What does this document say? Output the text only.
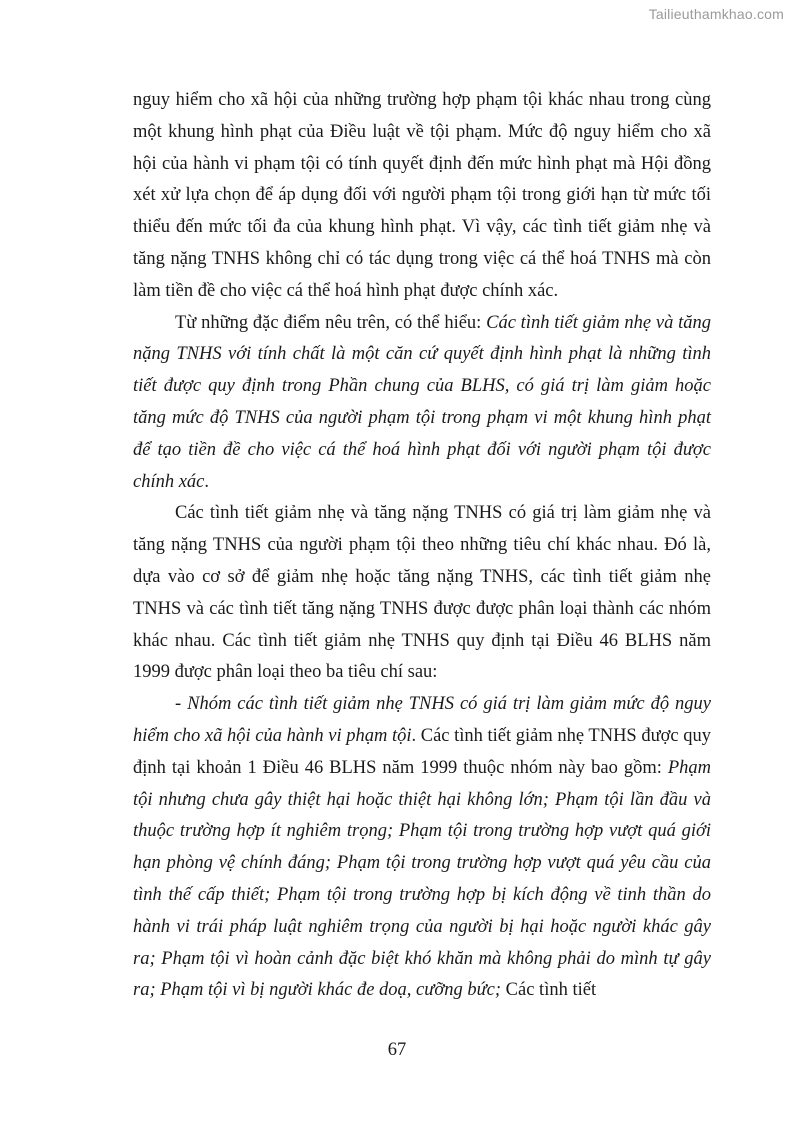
Tailieuthamkhao.com

nguy hiểm cho xã hội của những trường hợp phạm tội khác nhau trong cùng một khung hình phạt của Điều luật về tội phạm. Mức độ nguy hiểm cho xã hội của hành vi phạm tội có tính quyết định đến mức hình phạt mà Hội đồng xét xử lựa chọn để áp dụng đối với người phạm tội trong giới hạn từ mức tối thiểu đến mức tối đa của khung hình phạt. Vì vậy, các tình tiết giảm nhẹ và tăng nặng TNHS không chỉ có tác dụng trong việc cá thể hoá TNHS mà còn làm tiền đề cho việc cá thể hoá hình phạt được chính xác.

Từ những đặc điểm nêu trên, có thể hiểu: Các tình tiết giảm nhẹ và tăng nặng TNHS với tính chất là một căn cứ quyết định hình phạt là những tình tiết được quy định trong Phần chung của BLHS, có giá trị làm giảm hoặc tăng mức độ TNHS của người phạm tội trong phạm vi một khung hình phạt để tạo tiền đề cho việc cá thể hoá hình phạt đối với người phạm tội được chính xác.

Các tình tiết giảm nhẹ và tăng nặng TNHS có giá trị làm giảm nhẹ và tăng nặng TNHS của người phạm tội theo những tiêu chí khác nhau. Đó là, dựa vào cơ sở để giảm nhẹ hoặc tăng nặng TNHS, các tình tiết giảm nhẹ TNHS và các tình tiết tăng nặng TNHS được được phân loại thành các nhóm khác nhau. Các tình tiết giảm nhẹ TNHS quy định tại Điều 46 BLHS năm 1999 được phân loại theo ba tiêu chí sau:

- Nhóm các tình tiết giảm nhẹ TNHS có giá trị làm giảm mức độ nguy hiểm cho xã hội của hành vi phạm tội. Các tình tiết giảm nhẹ TNHS được quy định tại khoản 1 Điều 46 BLHS năm 1999 thuộc nhóm này bao gồm: Phạm tội nhưng chưa gây thiệt hại hoặc thiệt hại không lớn; Phạm tội lần đầu và thuộc trường hợp ít nghiêm trọng; Phạm tội trong trường hợp vượt quá giới hạn phòng vệ chính đáng; Phạm tội trong trường hợp vượt quá yêu cầu của tình thế cấp thiết; Phạm tội trong trường hợp bị kích động về tinh thần do hành vi trái pháp luật nghiêm trọng của người bị hại hoặc người khác gây ra; Phạm tội vì hoàn cảnh đặc biệt khó khăn mà không phải do mình tự gây ra; Phạm tội vì bị người khác đe doạ, cưỡng bức; Các tình tiết

67
